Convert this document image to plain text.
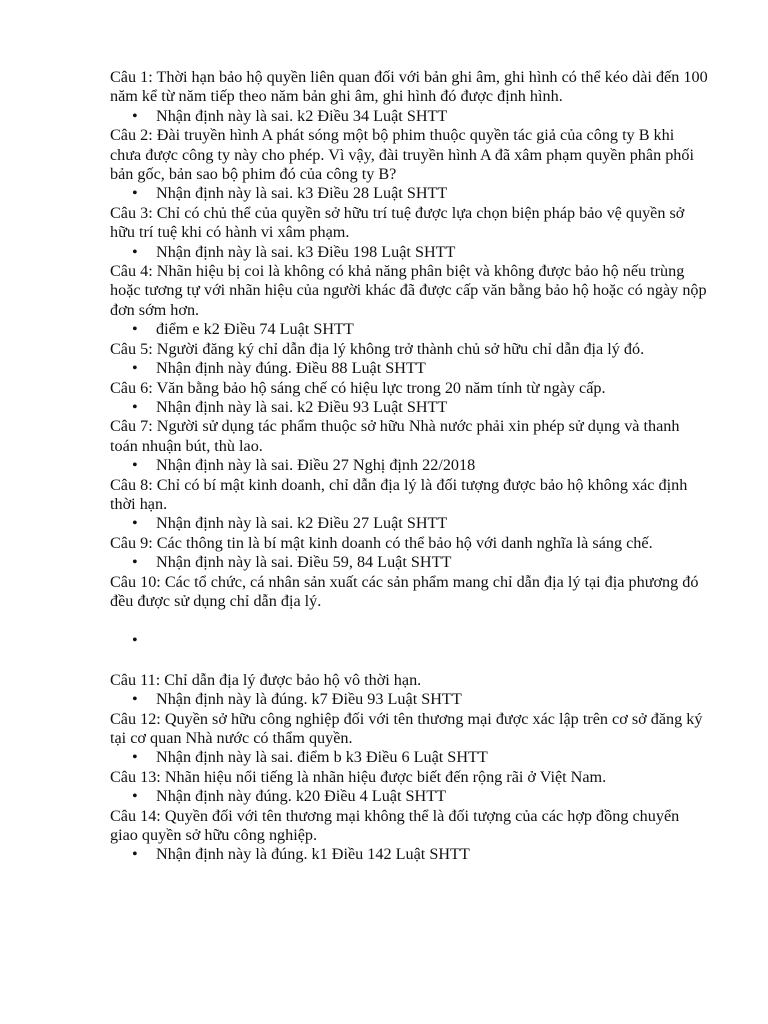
Câu 1: Thời hạn bảo hộ quyền liên quan đối với bản ghi âm, ghi hình có thể kéo dài đến 100 năm kể từ năm tiếp theo năm bản ghi âm, ghi hình đó được định hình.

• Nhận định này là sai. k2 Điều 34 Luật SHTT

Câu 2: Đài truyền hình A phát sóng một bộ phim thuộc quyền tác giả của công ty B khi chưa được công ty này cho phép. Vì vậy, đài truyền hình A đã xâm phạm quyền phân phối bản gốc, bản sao bộ phim đó của công ty B?

• Nhận định này là sai. k3 Điều 28 Luật SHTT

Câu 3: Chỉ có chủ thể của quyền sở hữu trí tuệ được lựa chọn biện pháp bảo vệ quyền sở hữu trí tuệ khi có hành vi xâm phạm.

• Nhận định này là sai. k3 Điều 198 Luật SHTT

Câu 4: Nhãn hiệu bị coi là không có khả năng phân biệt và không được bảo hộ nếu trùng hoặc tương tự với nhãn hiệu của người khác đã được cấp văn bằng bảo hộ hoặc có ngày nộp đơn sớm hơn.

• điểm e k2 Điều 74 Luật SHTT

Câu 5: Người đăng ký chỉ dẫn địa lý không trở thành chủ sở hữu chỉ dẫn địa lý đó.

• Nhận định này đúng. Điều 88 Luật SHTT

Câu 6: Văn bằng bảo hộ sáng chế có hiệu lực trong 20 năm tính từ ngày cấp.

• Nhận định này là sai. k2 Điều 93 Luật SHTT

Câu 7: Người sử dụng tác phẩm thuộc sở hữu Nhà nước phải xin phép sử dụng và thanh toán nhuận bút, thù lao.

• Nhận định này là sai. Điều 27 Nghị định 22/2018

Câu 8: Chỉ có bí mật kinh doanh, chỉ dẫn địa lý là đối tượng được bảo hộ không xác định thời hạn.

• Nhận định này là sai. k2 Điều 27 Luật SHTT

Câu 9: Các thông tin là bí mật kinh doanh có thể bảo hộ với danh nghĩa là sáng chế.

• Nhận định này là sai. Điều 59, 84 Luật SHTT

Câu 10: Các tổ chức, cá nhân sản xuất các sản phẩm mang chỉ dẫn địa lý tại địa phương đó đều được sử dụng chỉ dẫn địa lý.

•

Câu 11: Chỉ dẫn địa lý được bảo hộ vô thời hạn.

• Nhận định này là đúng. k7 Điều 93 Luật SHTT

Câu 12: Quyền sở hữu công nghiệp đối với tên thương mại được xác lập trên cơ sở đăng ký tại cơ quan Nhà nước có thẩm quyền.

• Nhận định này là sai. điểm b k3 Điều 6 Luật SHTT

Câu 13: Nhãn hiệu nổi tiếng là nhãn hiệu được biết đến rộng rãi ở Việt Nam.

• Nhận định này đúng. k20 Điều 4 Luật SHTT

Câu 14: Quyền đối với tên thương mại không thể là đối tượng của các hợp đồng chuyển giao quyền sở hữu công nghiệp.

• Nhận định này là đúng. k1 Điều 142 Luật SHTT
